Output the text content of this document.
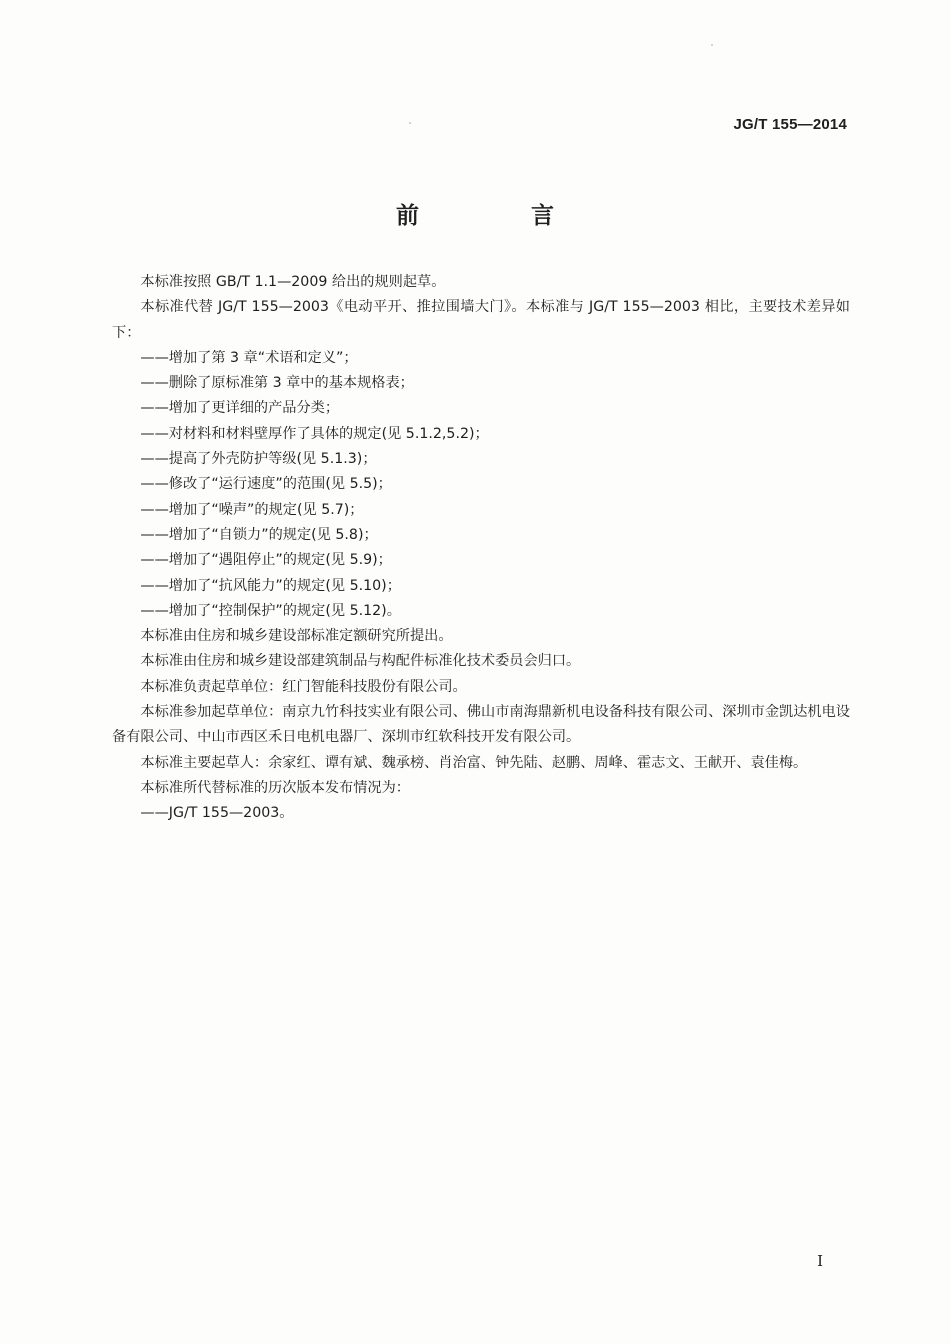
JG/T 155—2014
前 言

本标准按照 GB/T 1.1—2009 给出的规则起草。

本标准代替 JG/T 155—2003《电动平开、推拉围墙大门》。本标准与 JG/T 155—2003 相比，主要技术差异如下：

——增加了第 3 章“术语和定义”；

——删除了原标准第 3 章中的基本规格表；

——增加了更详细的产品分类；

——对材料和材料壁厚作了具体的规定(见 5.1.2,5.2)；

——提高了外壳防护等级(见 5.1.3)；

——修改了“运行速度”的范围(见 5.5)；

——增加了“噪声”的规定(见 5.7)；

——增加了“自锁力”的规定(见 5.8)；

——增加了“遇阻停止”的规定(见 5.9)；

——增加了“抗风能力”的规定(见 5.10)；

——增加了“控制保护”的规定(见 5.12)。

本标准由住房和城乡建设部标准定额研究所提出。

本标准由住房和城乡建设部建筑制品与构配件标准化技术委员会归口。

本标准负责起草单位：红门智能科技股份有限公司。

本标准参加起草单位：南京九竹科技实业有限公司、佛山市南海鼎新机电设备科技有限公司、深圳市金凯达机电设备有限公司、中山市西区禾日电机电器厂、深圳市红软科技开发有限公司。

本标准主要起草人：余家红、谭有斌、魏承榜、肖治富、钟先陆、赵鹏、周峰、霍志文、王献开、袁佳梅。

本标准所代替标准的历次版本发布情况为：

——JG/T 155—2003。

I
